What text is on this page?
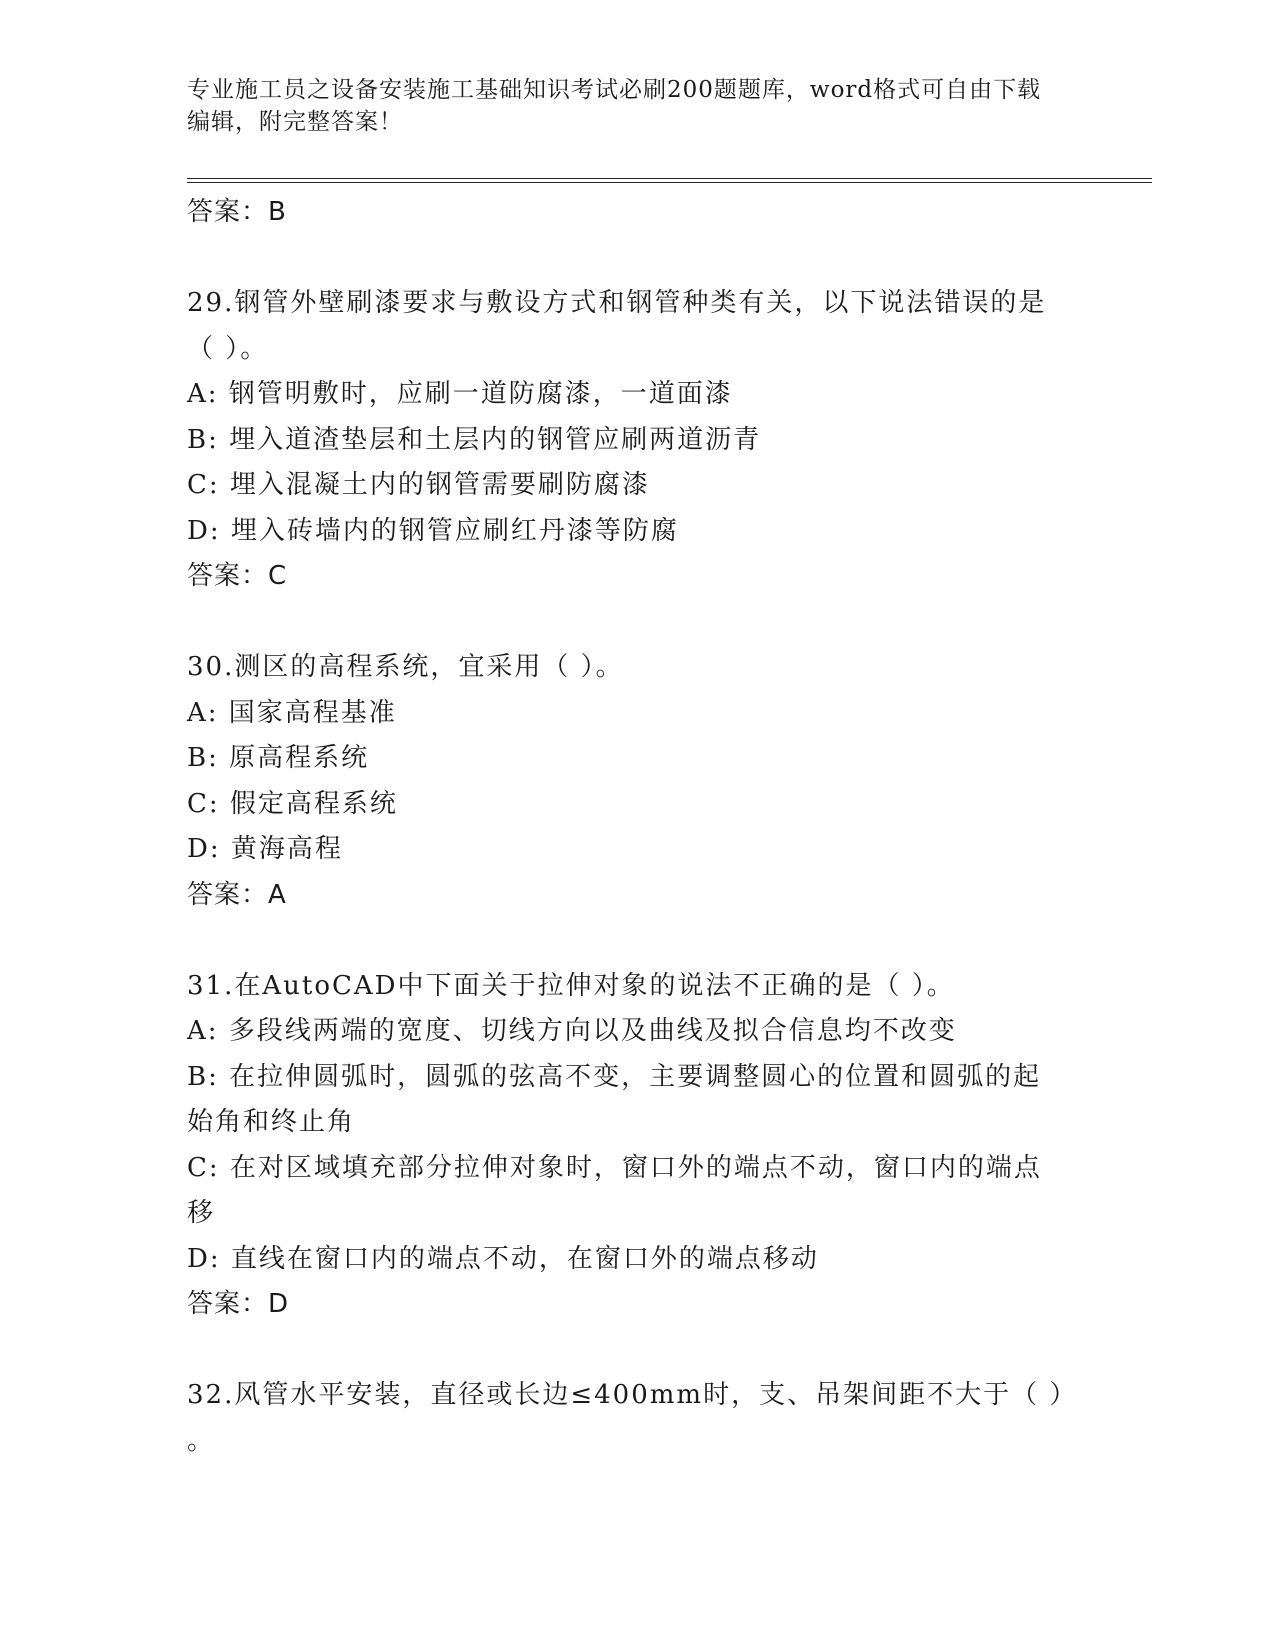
专业施工员之设备安装施工基础知识考试必刷200题题库，word格式可自由下载
编辑，附完整答案！
答案：B
29.钢管外壁刷漆要求与敷设方式和钢管种类有关，以下说法错误的是
（ ）。
A: 钢管明敷时，应刷一道防腐漆，一道面漆
B: 埋入道渣垫层和土层内的钢管应刷两道沥青
C: 埋入混凝土内的钢管需要刷防腐漆
D: 埋入砖墙内的钢管应刷红丹漆等防腐
答案：C
30.测区的高程系统，宜采用（ ）。
A: 国家高程基准
B: 原高程系统
C: 假定高程系统
D: 黄海高程
答案：A
31.在AutoCAD中下面关于拉伸对象的说法不正确的是（ ）。
A: 多段线两端的宽度、切线方向以及曲线及拟合信息均不改变
B: 在拉伸圆弧时，圆弧的弦高不变，主要调整圆心的位置和圆弧的起
始角和终止角
C: 在对区域填充部分拉伸对象时，窗口外的端点不动，窗口内的端点
移
D: 直线在窗口内的端点不动，在窗口外的端点移动
答案：D
32.风管水平安装，直径或长边≤400mm时，支、吊架间距不大于（ ）
。
